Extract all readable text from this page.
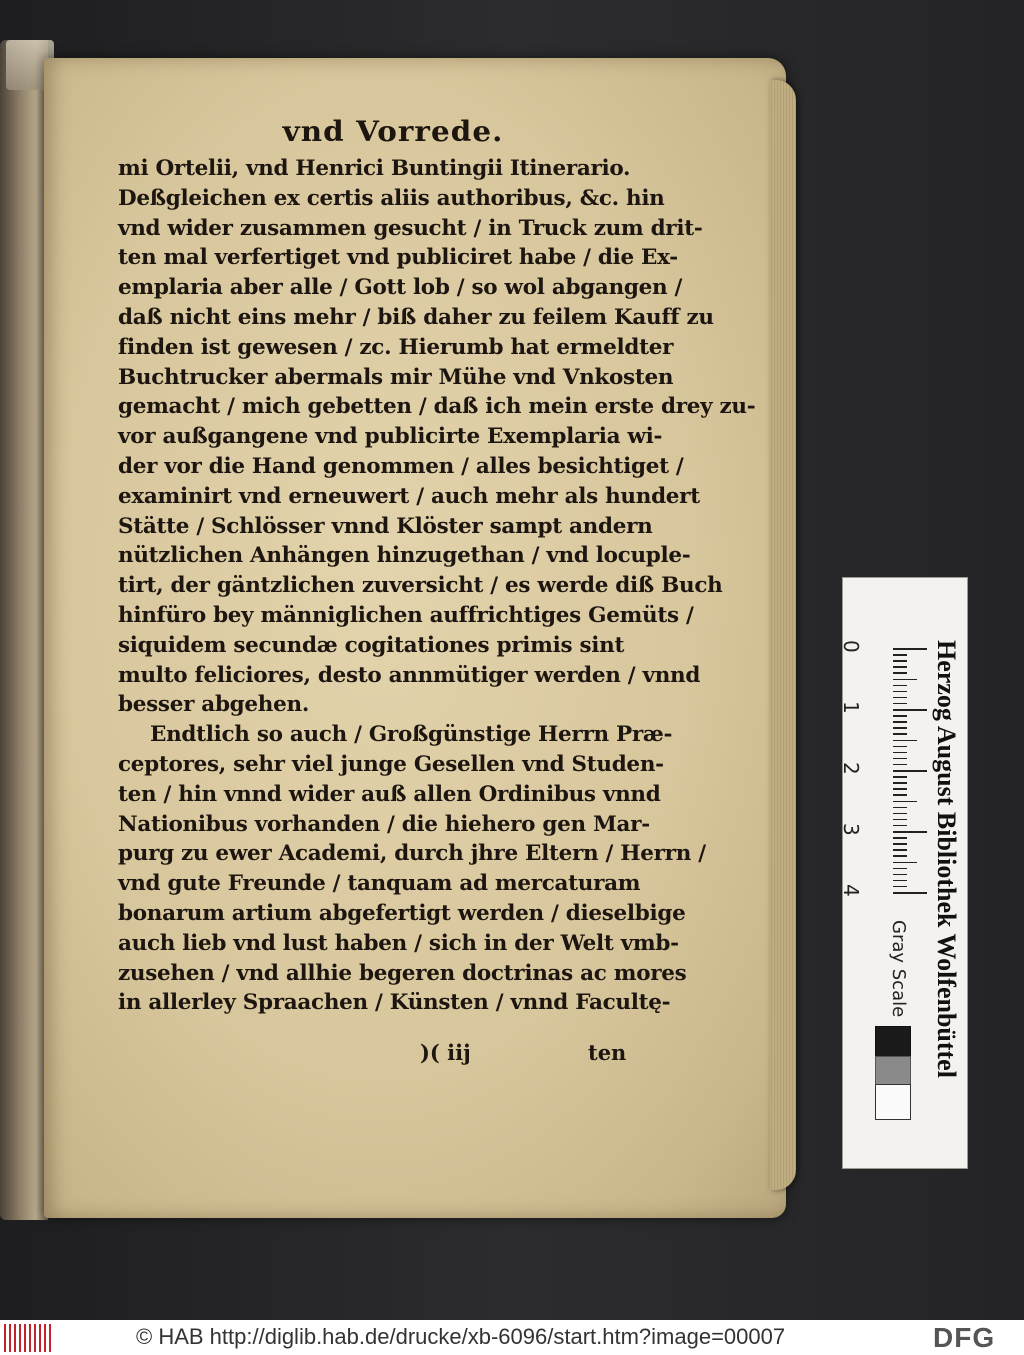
vnd Vorrede.
mi Ortelii, vnd Henrici Buntingii Itinerario.
Deßgleichen ex certis aliis authoribus, &c. hin
vnd wider zusammen gesucht / in Truck zum drit-
ten mal verfertiget vnd publiciret habe / die Ex-
emplaria aber alle / Gott lob / so wol abgangen /
daß nicht eins mehr / biß daher zu feilem Kauff zu
finden ist gewesen / zc. Hierumb hat ermeldter
Buchtrucker abermals mir Mühe vnd Vnkosten
gemacht / mich gebetten / daß ich mein erste drey zu-
vor außgangene vnd publicirte Exemplaria wi-
der vor die Hand genommen / alles besichtiget /
examinirt vnd erneuwert / auch mehr als hundert
Stätte / Schlösser vnnd Klöster sampt andern
nützlichen Anhängen hinzugethan / vnd locuple-
tirt, der gäntzlichen zuversicht / es werde diß Buch
hinfüro bey männiglichen auffrichtiges Gemüts /
siquidem secundæ cogitationes primis sint
multo feliciores, desto annmütiger werden / vnnd
besser abgehen.
Endtlich so auch / Großgünstige Herrn Præ-
ceptores, sehr viel junge Gesellen vnd Studen-
ten / hin vnnd wider auß allen Ordinibus vnnd
Nationibus vorhanden / die hiehero gen Mar-
purg zu ewer Academi, durch jhre Eltern / Herrn /
vnd gute Freunde / tanquam ad mercaturam
bonarum artium abgefertigt werden / dieselbige
auch lieb vnd lust haben / sich in der Welt vmb-
zusehen / vnd allhie begeren doctrinas ac mores
in allerley Spraachen / Künsten / vnnd Facultę-
)( iij	ten
0
1
2
3
4
Gray Scale Herzog August Bibliothek Wolfenbüttel
© HAB http://diglib.hab.de/drucke/xb-6096/start.htm?image=00007	DFG
